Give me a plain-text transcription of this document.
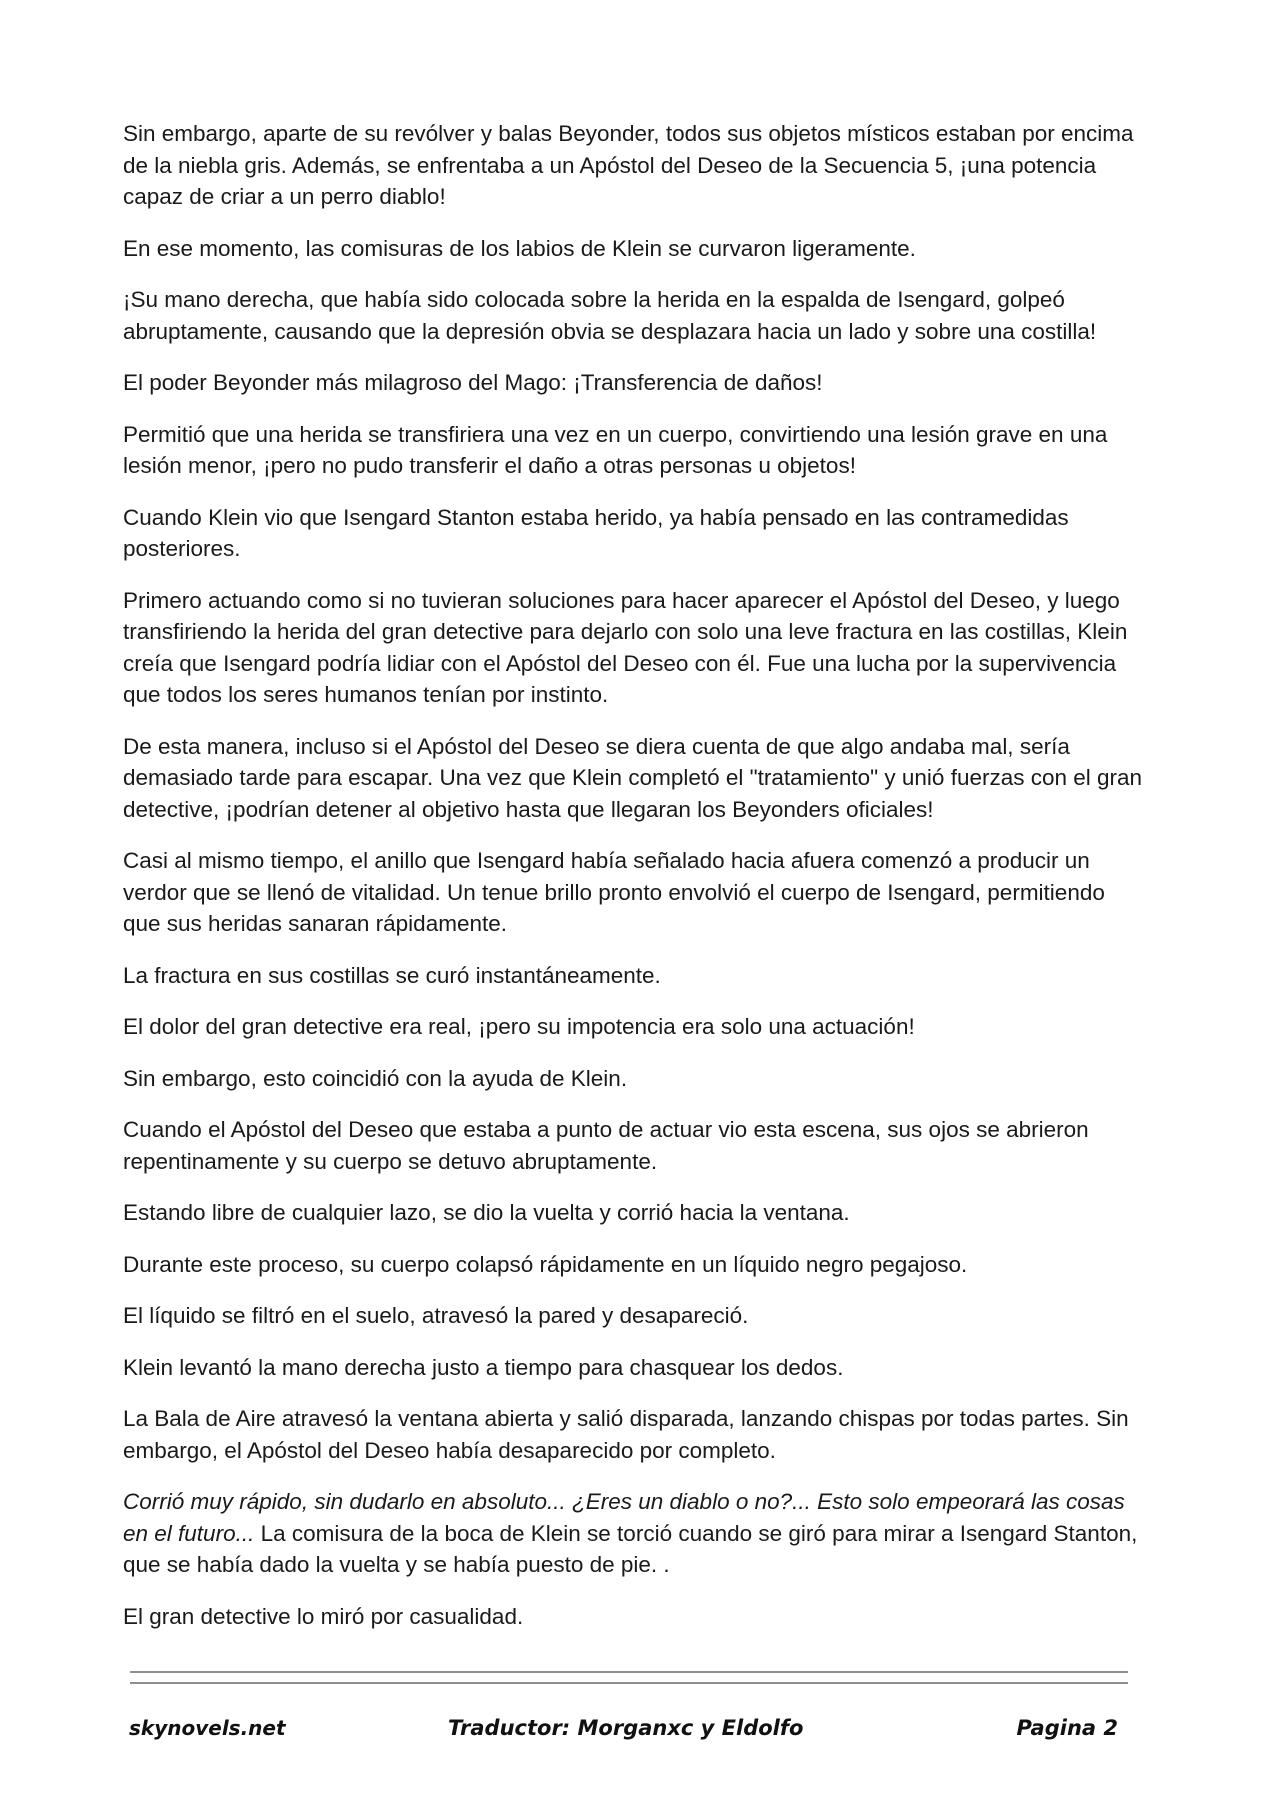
Sin embargo, aparte de su revólver y balas Beyonder, todos sus objetos místicos estaban por encima de la niebla gris. Además, se enfrentaba a un Apóstol del Deseo de la Secuencia 5, ¡una potencia capaz de criar a un perro diablo!

En ese momento, las comisuras de los labios de Klein se curvaron ligeramente.

¡Su mano derecha, que había sido colocada sobre la herida en la espalda de Isengard, golpeó abruptamente, causando que la depresión obvia se desplazara hacia un lado y sobre una costilla!

El poder Beyonder más milagroso del Mago: ¡Transferencia de daños!

Permitió que una herida se transfiriera una vez en un cuerpo, convirtiendo una lesión grave en una lesión menor, ¡pero no pudo transferir el daño a otras personas u objetos!

Cuando Klein vio que Isengard Stanton estaba herido, ya había pensado en las contramedidas posteriores.

Primero actuando como si no tuvieran soluciones para hacer aparecer el Apóstol del Deseo, y luego transfiriendo la herida del gran detective para dejarlo con solo una leve fractura en las costillas, Klein creía que Isengard podría lidiar con el Apóstol del Deseo con él. Fue una lucha por la supervivencia que todos los seres humanos tenían por instinto.

De esta manera, incluso si el Apóstol del Deseo se diera cuenta de que algo andaba mal, sería demasiado tarde para escapar. Una vez que Klein completó el "tratamiento" y unió fuerzas con el gran detective, ¡podrían detener al objetivo hasta que llegaran los Beyonders oficiales!

Casi al mismo tiempo, el anillo que Isengard había señalado hacia afuera comenzó a producir un verdor que se llenó de vitalidad. Un tenue brillo pronto envolvió el cuerpo de Isengard, permitiendo que sus heridas sanaran rápidamente.

La fractura en sus costillas se curó instantáneamente.

El dolor del gran detective era real, ¡pero su impotencia era solo una actuación!

Sin embargo, esto coincidió con la ayuda de Klein.

Cuando el Apóstol del Deseo que estaba a punto de actuar vio esta escena, sus ojos se abrieron repentinamente y su cuerpo se detuvo abruptamente.

Estando libre de cualquier lazo, se dio la vuelta y corrió hacia la ventana.

Durante este proceso, su cuerpo colapsó rápidamente en un líquido negro pegajoso.

El líquido se filtró en el suelo, atravesó la pared y desapareció.

Klein levantó la mano derecha justo a tiempo para chasquear los dedos.

La Bala de Aire atravesó la ventana abierta y salió disparada, lanzando chispas por todas partes. Sin embargo, el Apóstol del Deseo había desaparecido por completo.

Corrió muy rápido, sin dudarlo en absoluto... ¿Eres un diablo o no?... Esto solo empeorará las cosas en el futuro... La comisura de la boca de Klein se torció cuando se giró para mirar a Isengard Stanton, que se había dado la vuelta y se había puesto de pie. .

El gran detective lo miró por casualidad.

skynovels.net	Traductor: Morganxc y Eldolfo	Pagina 2
